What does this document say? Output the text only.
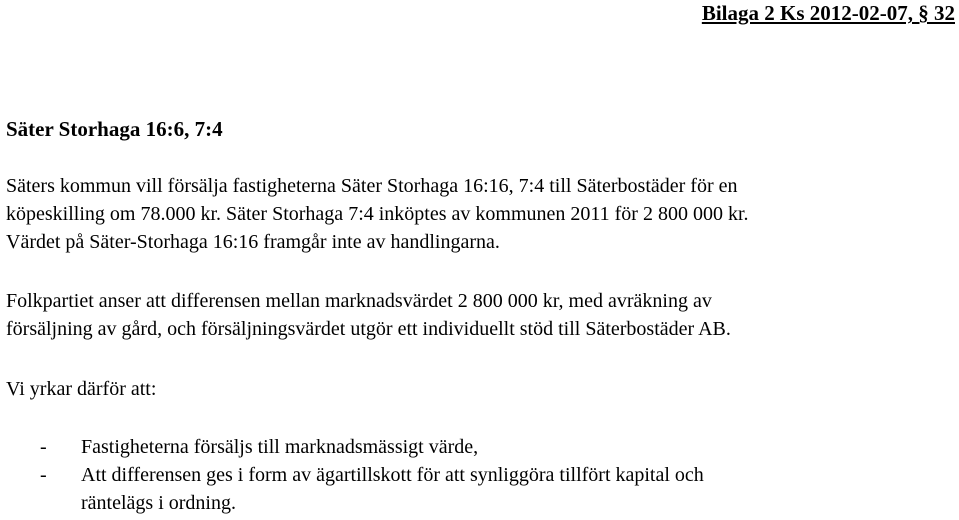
Bilaga 2 Ks 2012-02-07, § 32
Säter Storhaga 16:6, 7:4
Säters kommun vill försälja fastigheterna Säter Storhaga 16:16, 7:4 till Säterbostäder för en
köpeskilling om 78.000 kr. Säter Storhaga 7:4 inköptes av kommunen 2011 för 2 800 000 kr.
Värdet på Säter-Storhaga 16:16 framgår inte av handlingarna.
Folkpartiet anser att differensen mellan marknadsvärdet 2 800 000 kr, med avräkning av
försäljning av gård, och försäljningsvärdet utgör ett individuellt stöd till Säterbostäder AB.
Vi yrkar därför att:
- Fastigheterna försäljs till marknadsmässigt värde,
- Att differensen ges i form av ägartillskott för att synliggöra tillfört kapital och
räntelägs i ordning.
